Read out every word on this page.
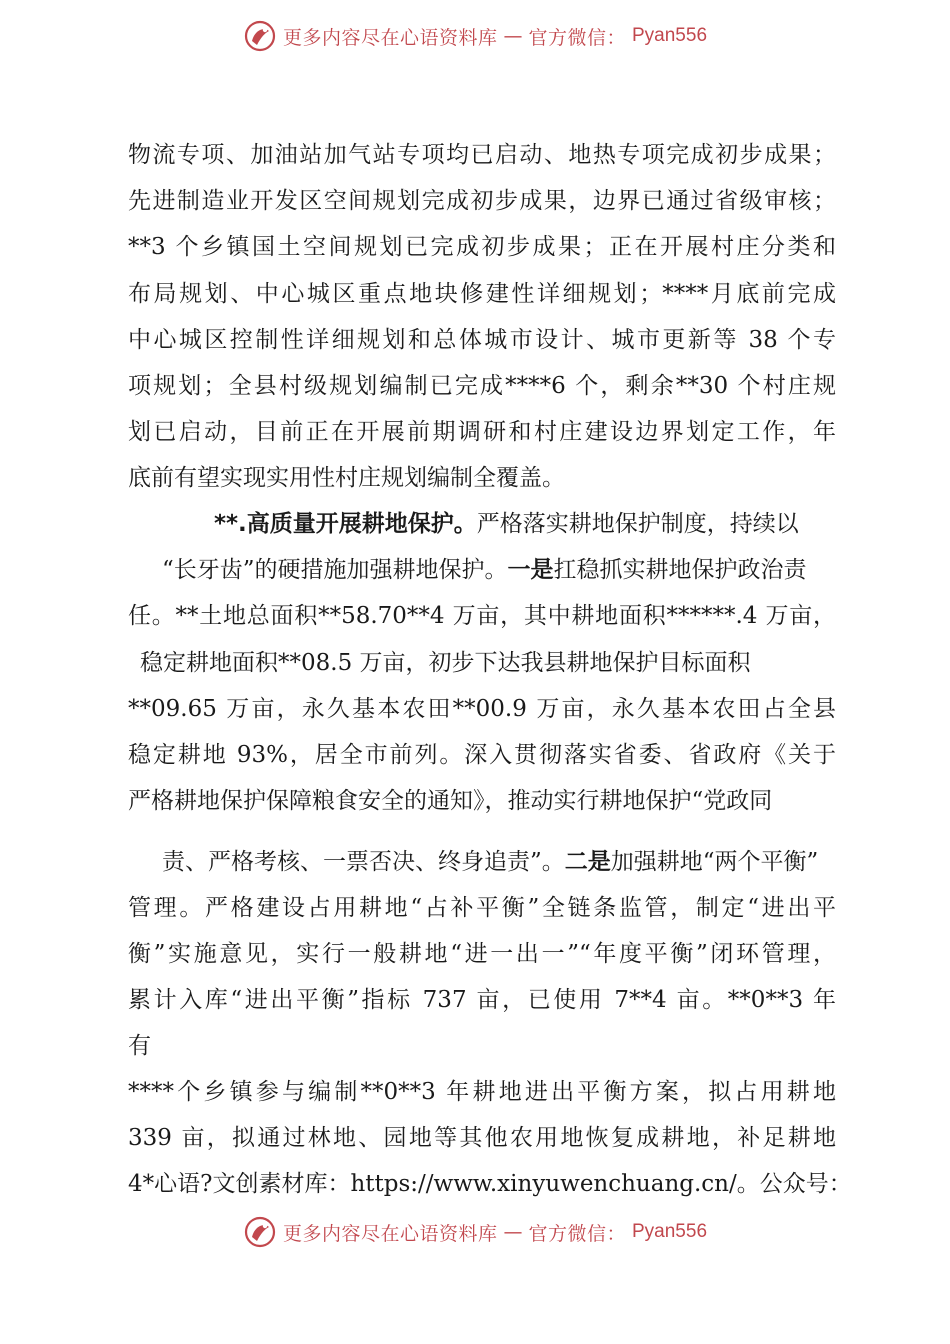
更多内容尽在心语资料库 — 官方微信： Pyan556
物流专项、加油站加气站专项均已启动、地热专项完成初步成果；
先进制造业开发区空间规划完成初步成果，边界已通过省级审核；
**3 个乡镇国土空间规划已完成初步成果；正在开展村庄分类和
布局规划、中心城区重点地块修建性详细规划；****月底前完成
中心城区控制性详细规划和总体城市设计、城市更新等 38 个专
项规划；全县村级规划编制已完成****6 个，剩余**30 个村庄规
划已启动，目前正在开展前期调研和村庄建设边界划定工作，年
底前有望实现实用性村庄规划编制全覆盖。
**.高质量开展耕地保护。严格落实耕地保护制度，持续以
“长牙齿”的硬措施加强耕地保护。一是扛稳抓实耕地保护政治责
任。**土地总面积**58.70**4 万亩，其中耕地面积******.4 万亩，
稳定耕地面积**08.5 万亩，初步下达我县耕地保护目标面积
**09.65 万亩，永久基本农田**00.9 万亩，永久基本农田占全县
稳定耕地 93%，居全市前列。深入贯彻落实省委、省政府《关于
严格耕地保护保障粮食安全的通知》，推动实行耕地保护“党政同
责、严格考核、一票否决、终身追责”。二是加强耕地“两个平衡”
管理。严格建设占用耕地“占补平衡”全链条监管，制定“进出平
衡”实施意见，实行一般耕地“进一出一”“年度平衡”闭环管理，
累计入库“进出平衡”指标 737 亩，已使用 7**4 亩。**0**3 年
有
****个乡镇参与编制**0**3 年耕地进出平衡方案，拟占用耕地
339 亩，拟通过林地、园地等其他农用地恢复成耕地，补足耕地
4*心语?文创素材库：https://www.xinyuwenchuang.cn/。公众号：
更多内容尽在心语资料库 — 官方微信： Pyan556
